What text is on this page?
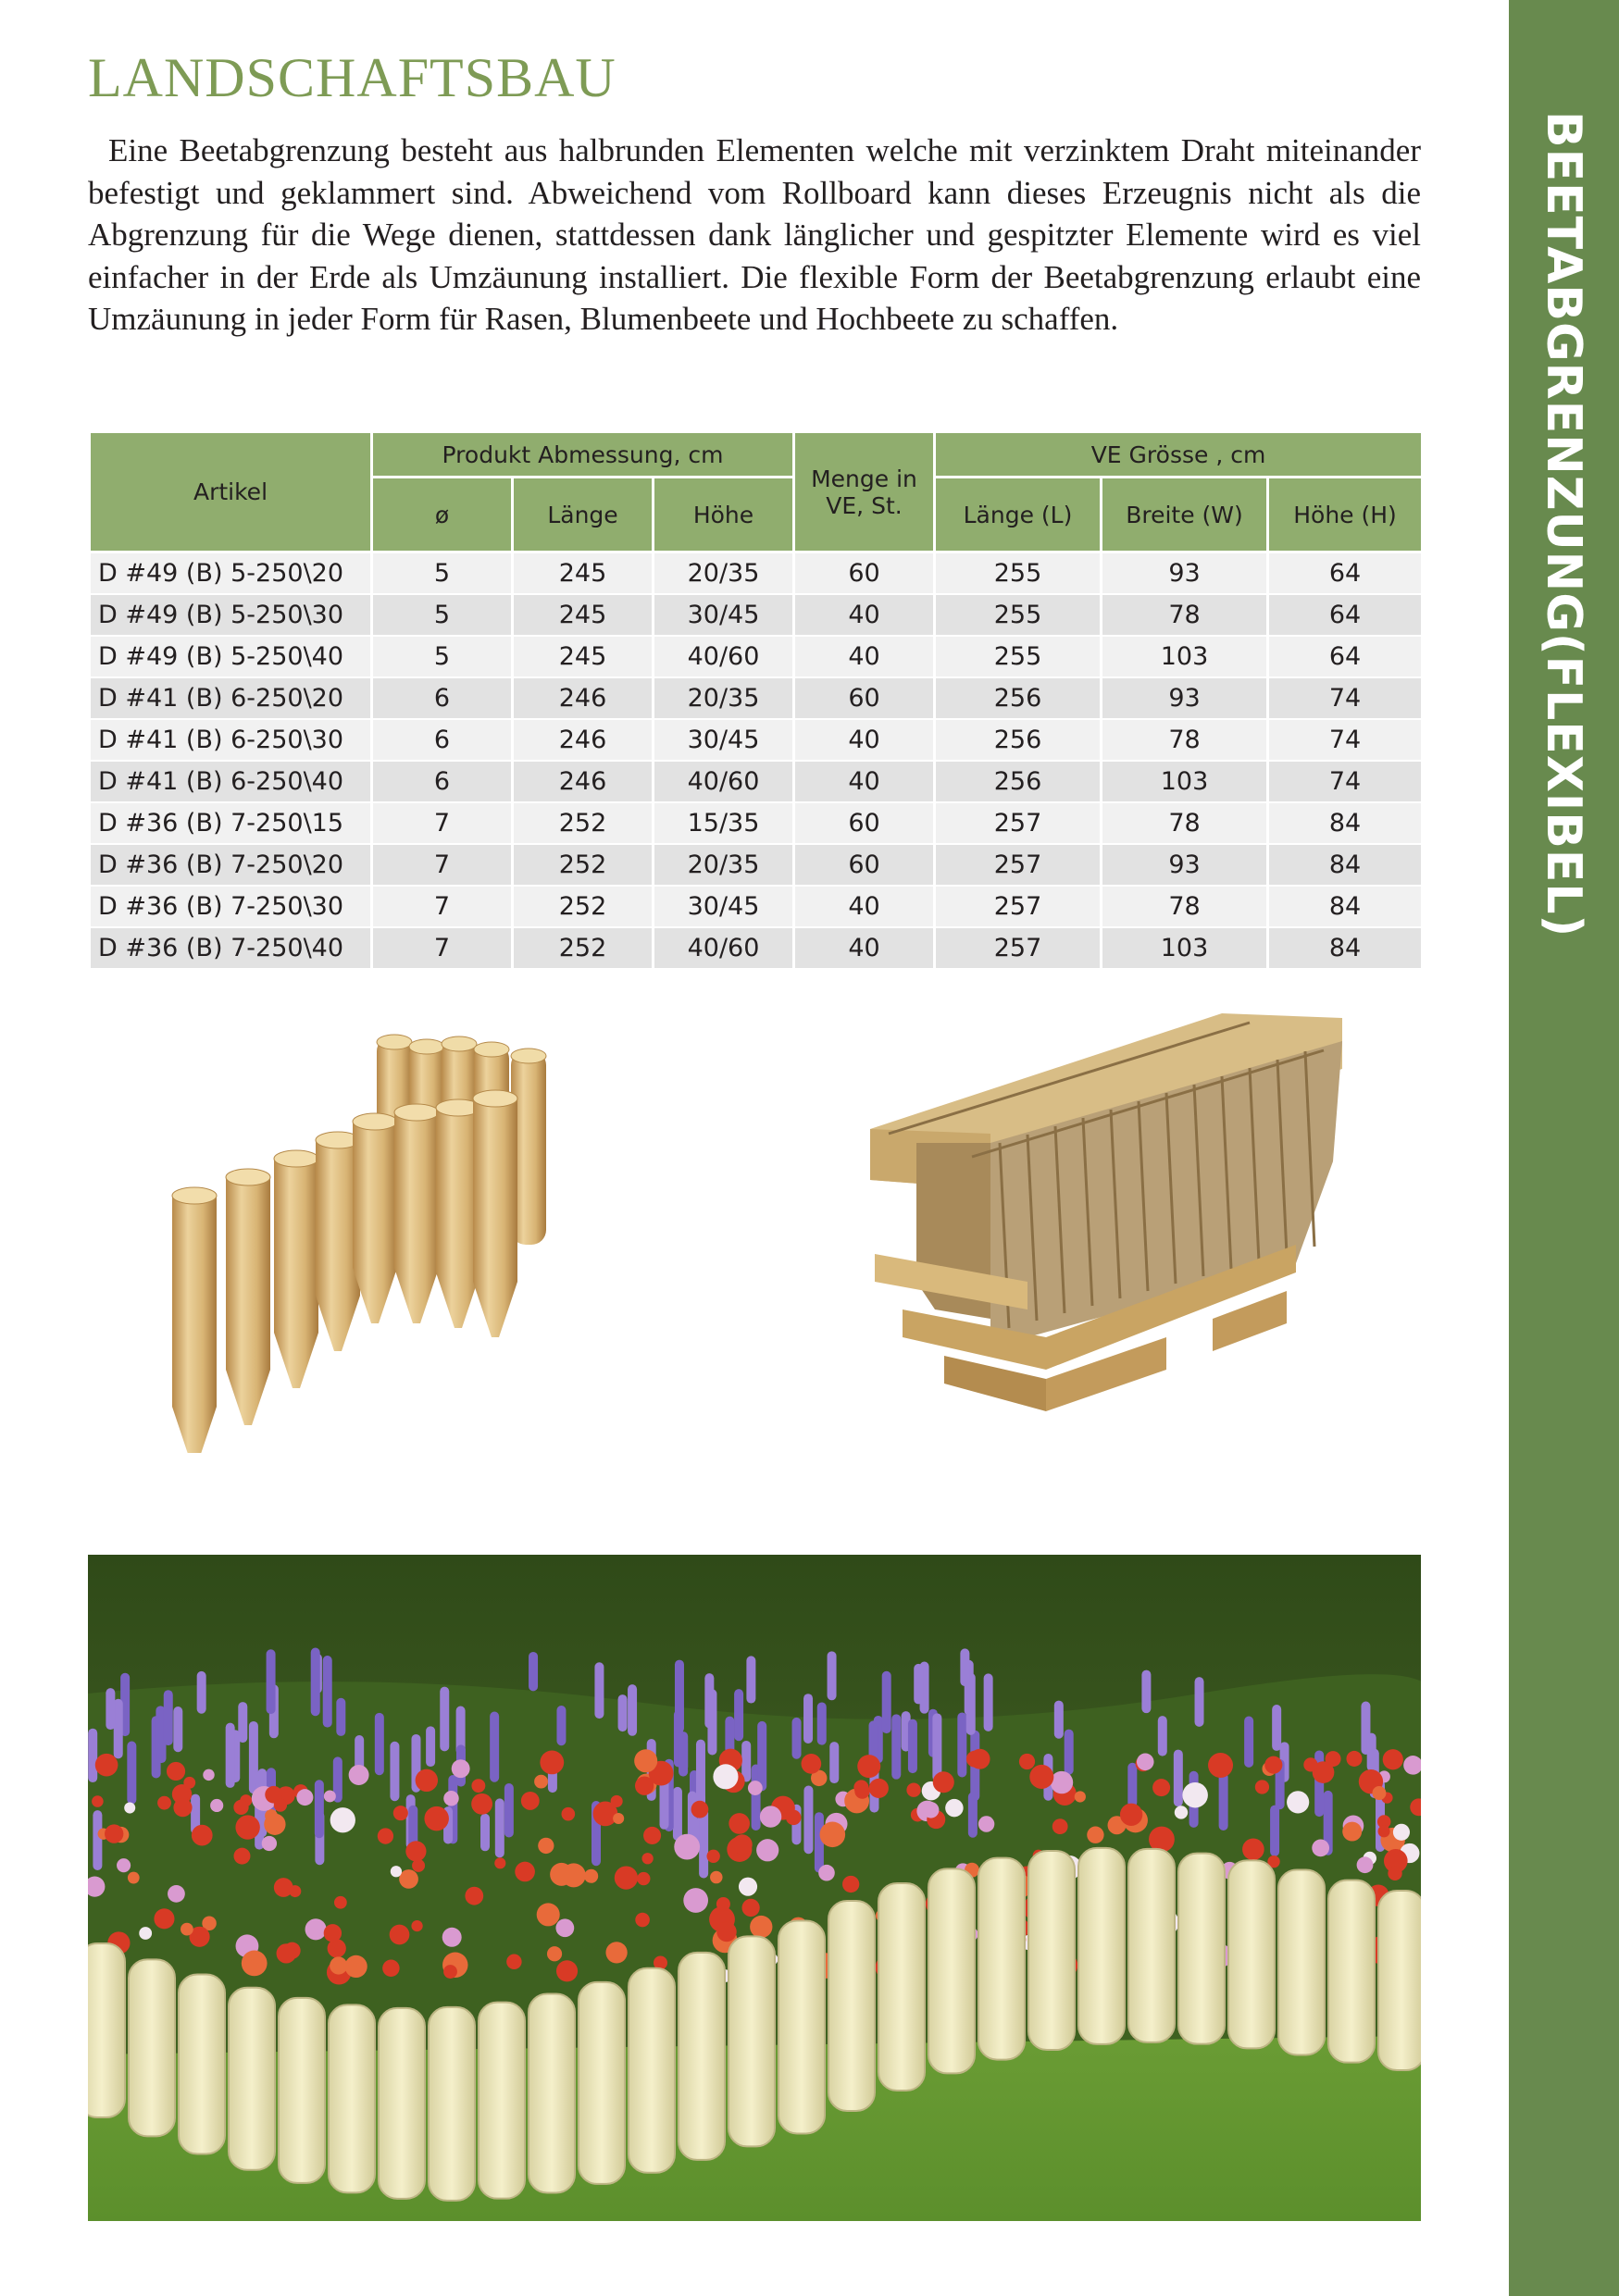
LANDSCHAFTSBAU

Eine Beetabgrenzung besteht aus halbrunden Elementen welche mit verzinktem Draht miteinander befestigt und geklammert sind. Abweichend vom Rollboard kann dieses Erzeugnis nicht als die Abgrenzung für die Wege dienen, stattdessen dank länglicher und gespitzter Elemente wird es viel einfacher in der Erde als Umzäunung installiert. Die flexible Form der Beetabgrenzung erlaubt eine Umzäunung in jeder Form für Rasen, Blumenbeete und Hochbeete zu schaffen.	BEETABGRENZUNG(FLEXIBEL)
Artikel	Produkt Abmessung, cm			Menge in VE, St.	VE Grösse , cm		
	ø	Länge	Höhe		Länge (L)	Breite (W)	Höhe (H)
D #49 (B) 5-250\20	5	245	20/35	60	255	93	64
D #49 (B) 5-250\30	5	245	30/45	40	255	78	64
D #49 (B) 5-250\40	5	245	40/60	40	255	103	64
D #41 (B) 6-250\20	6	246	20/35	60	256	93	74
D #41 (B) 6-250\30	6	246	30/45	40	256	78	74
D #41 (B) 6-250\40	6	246	40/60	40	256	103	74
D #36 (B) 7-250\15	7	252	15/35	60	257	78	84
D #36 (B) 7-250\20	7	252	20/35	60	257	93	84
D #36 (B) 7-250\30	7	252	30/45	40	257	78	84
D #36 (B) 7-250\40	7	252	40/60	40	257	103	84
